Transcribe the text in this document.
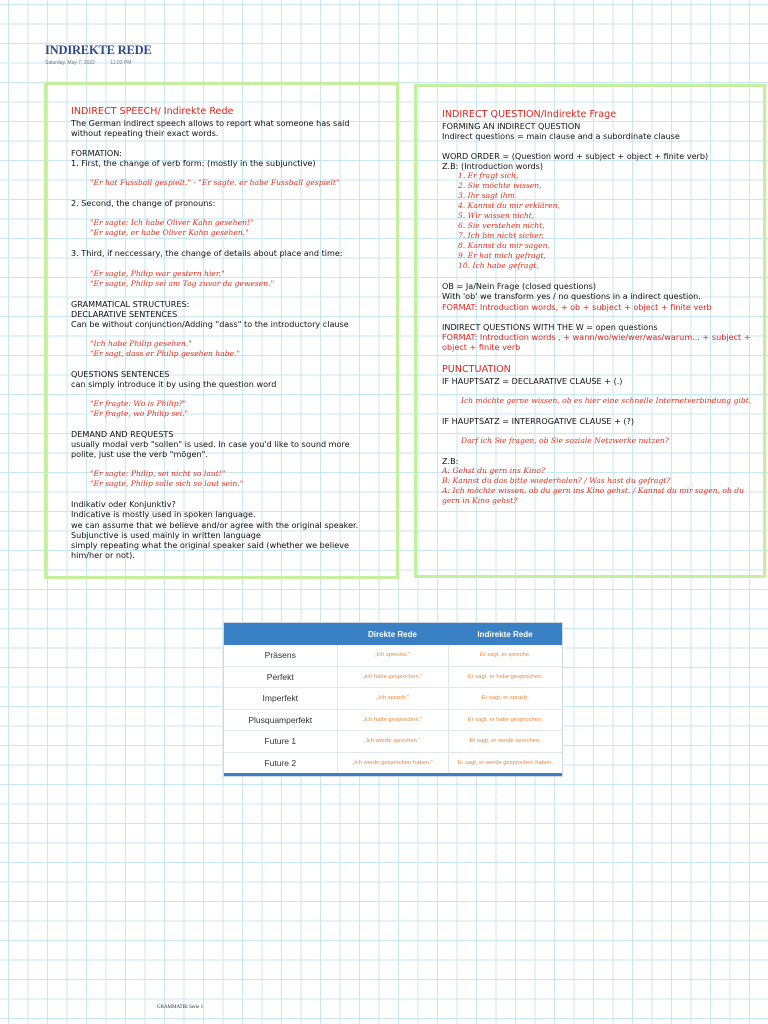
INDIREKTE REDE
Saturday, May 7, 2022	11:03 PM

INDIRECT SPEECH/ Indirekte Rede

The German indirect speech allows to report what someone has said without repeating their exact words.

FORMATION:

1. First, the change of verb form: (mostly in the subjunctive)

"Er hat Fussball gespielt." - "Er sagte, er habe Fussball gespielt"

2. Second, the change of pronouns:

"Er sagte: Ich habe Oliver Kahn gesehen!"

"Er sagte, er habe Oliver Kahn gesehen."

3. Third, if neccessary, the change of details about place and time:

"Er sagte, Philip war gestern hier."

"Er sagte, Philip sei am Tag zuvor da gewesen."

GRAMMATICAL STRUCTURES:

DECLARATIVE SENTENCES

Can be without conjunction/Adding "dass" to the introductory clause

"Ich habe Philip gesehen."

"Er sagt, dass er Philip gesehen habe."

QUESTIONS SENTENCES

can simply introduce it by using the question word

"Er fragte: Wo is Philip?"

"Er fragte, wo Philip sei."

DEMAND AND REQUESTS

usually modal verb "sollen" is used. In case you'd like to sound more polite, just use the verb "mögen".

"Er sagte: Philip, sei nicht so laut!"

"Er sagte, Philip solle sich so laut sein."

Indikativ oder Konjunktiv?

Indicative is mostly used in spoken language.

we can assume that we believe and/or agree with the original speaker.

Subjunctive is used mainly in written language

simply repeating what the original speaker said (whether we believe him/her or not).

INDIRECT QUESTION/Indirekte Frage

FORMING AN INDIRECT QUESTION

Indirect questions = main clause and a subordinate clause

WORD ORDER = (Question word + subject + object + finite verb)

Z.B: (Introduction words)

1. Er fragt sich,
2. Sie möchte wissen,
3. Ihr sagt ihm
4. Kannst du mir erklären,
5. Wir wissen nicht,
6. Sie verstehen nicht,
7. Ich bin nicht sicher,
8. Kannst du mir sagen,
9. Er hat mich gefragt,
10. Ich habe gefragt,

OB = Ja/Nein Frage (closed questions)

With 'ob' we transform yes / no questions in a indirect question.

FORMAT: Introduction words, + ob + subject + object + finite verb

INDIRECT QUESTIONS WITH THE W = open questions

FORMAT: Introduction words , + wann/wo/wie/wer/was/warum... + subject + object + finite verb

PUNCTUATION

IF HAUPTSATZ = DECLARATIVE CLAUSE + (.)

Ich möchte gerne wissen, ob es hier eine schnelle Internetverbindung gibt.

IF HAUPTSATZ = INTERROGATIVE CLAUSE + (?)

Darf ich Sie fragen, ob Sie soziale Netzwerke nutzen?

Z.B:

A: Gehst du gern ins Kino?

B: Kannst du das bitte wiederholen? / Was hast du gefragt?

A: Ich möchte wissen, ob du gern ins Kino gehst. / Kannst du mir sagen, ob du gern in Kino gehst?

	Direkte Rede	Indirekte Rede
Präsens	„Ich spreche."	Er sagt, er spreche.
Perfekt	„Ich habe gesprochen."	Er sagt, er habe gesprochen.
Imperfekt	„Ich sprach."	Er sagt, er sprach.
Plusquamperfekt	„Ich hatte gesprochen."	Er sagt, er hatte gesprochen.
Future 1	„Ich werde sprechen."	Er sagt, er werde sprechen.
Future 2	„Ich werde gesprochen haben."	Er sagt, er werde gesprochen haben.
GRAMMATIK Serie 1
